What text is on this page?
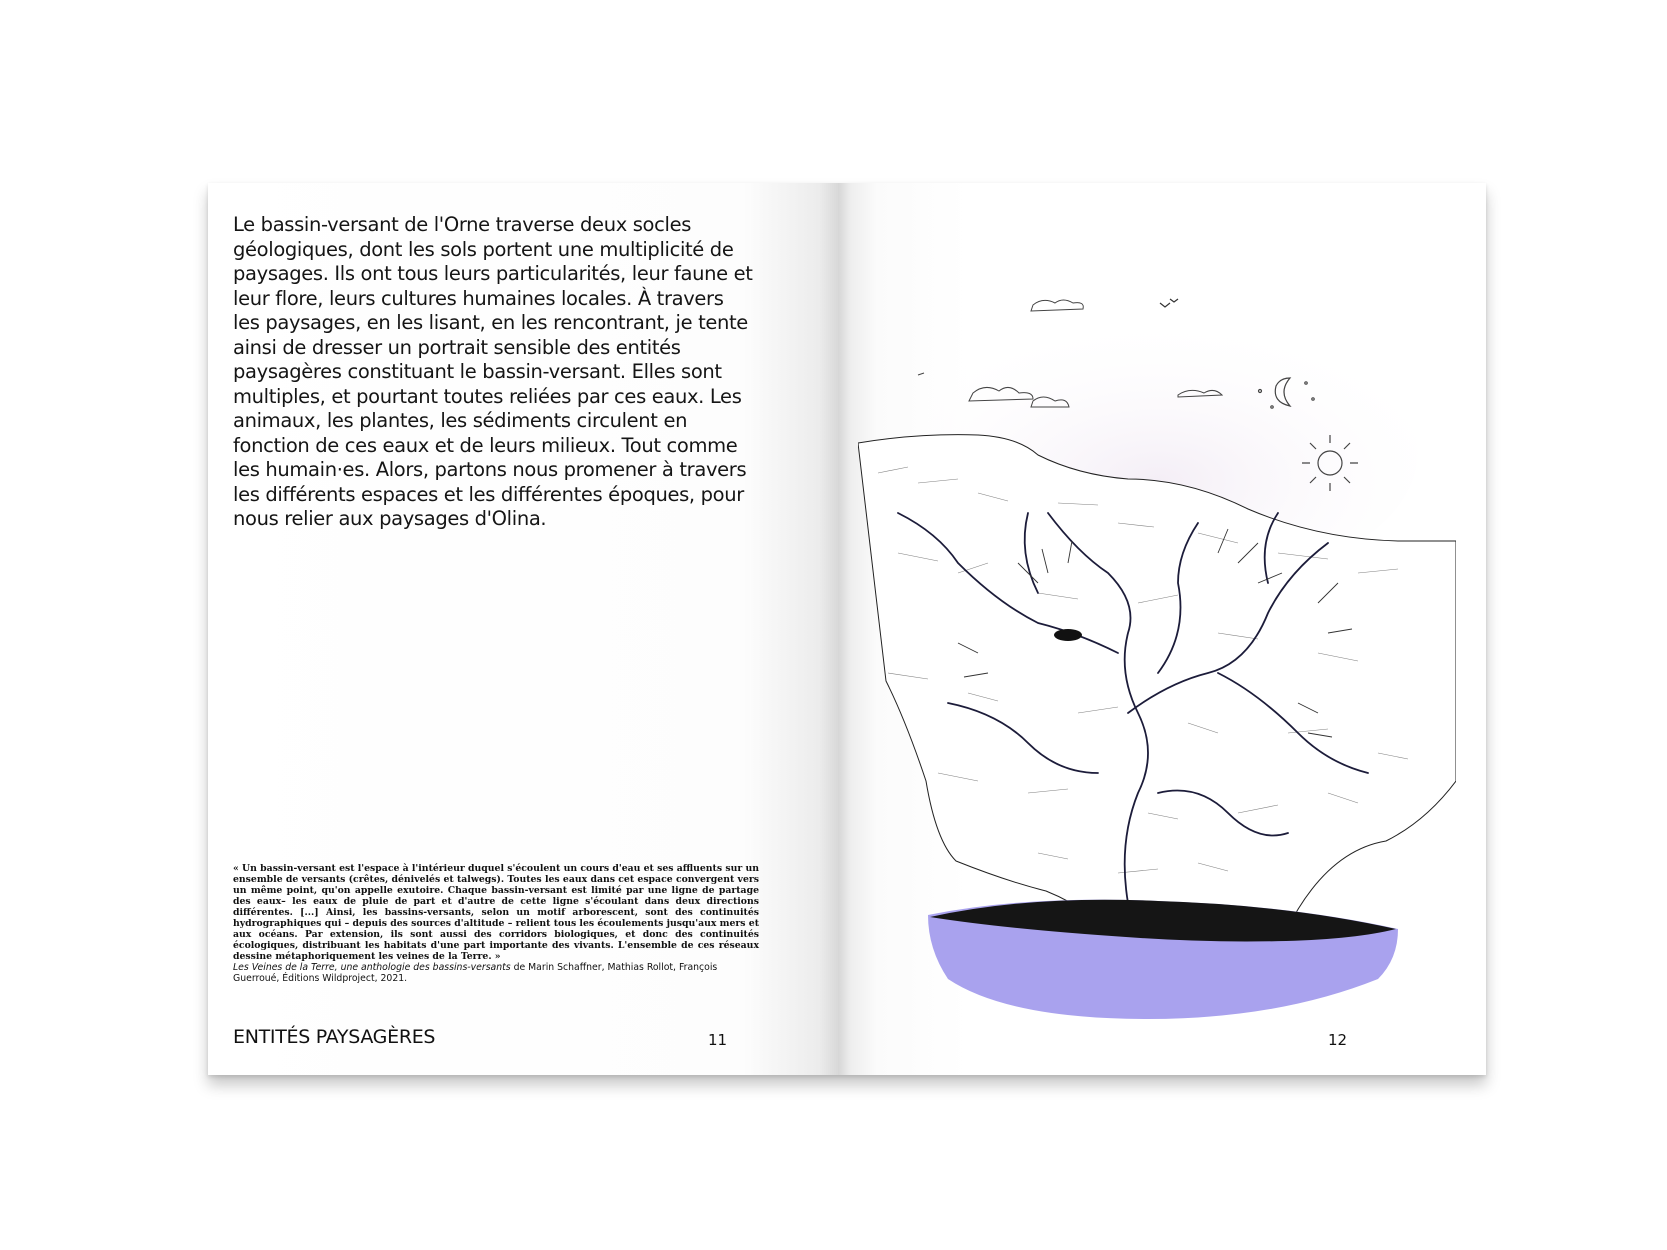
Le bassin-versant de l'Orne traverse deux socles géologiques, dont les sols portent une multiplicité de paysages. Ils ont tous leurs particularités, leur faune et leur flore, leurs cultures humaines locales. À travers les paysages, en les lisant, en les rencontrant, je tente ainsi de dresser un portrait sensible des entités paysagères constituant le bassin-versant. Elles sont multiples, et pourtant toutes reliées par ces eaux. Les animaux, les plantes, les sédiments circulent en fonction de ces eaux et de leurs milieux. Tout comme les humain·es. Alors, partons nous promener à travers les différents espaces et les différentes époques, pour nous relier aux paysages d'Olina.

« Un bassin-versant est l'espace à l'intérieur duquel s'écoulent un cours d'eau et ses affluents sur un ensemble de versants (crêtes, dénivelés et talwegs). Toutes les eaux dans cet espace convergent vers un même point, qu'on appelle exutoire. Chaque bassin-versant est limité par une ligne de partage des eaux– les eaux de pluie de part et d'autre de cette ligne s'écoulant dans deux directions différentes. [...] Ainsi, les bassins-versants, selon un motif arborescent, sont des continuités hydrographiques qui – depuis des sources d'altitude – relient tous les écoulements jusqu'aux mers et aux océans. Par extension, ils sont aussi des corridors biologiques, et donc des continuités écologiques, distribuant les habitats d'une part importante des vivants. L'ensemble de ces réseaux dessine métaphoriquement les veines de la Terre. »
Les Veines de la Terre, une anthologie des bassins-versants de Marin Schaffner, Mathias Rollot, François Guerroué, Éditions Wildproject, 2021.

ENTITÉS PAYSAGÈRES	11	12
